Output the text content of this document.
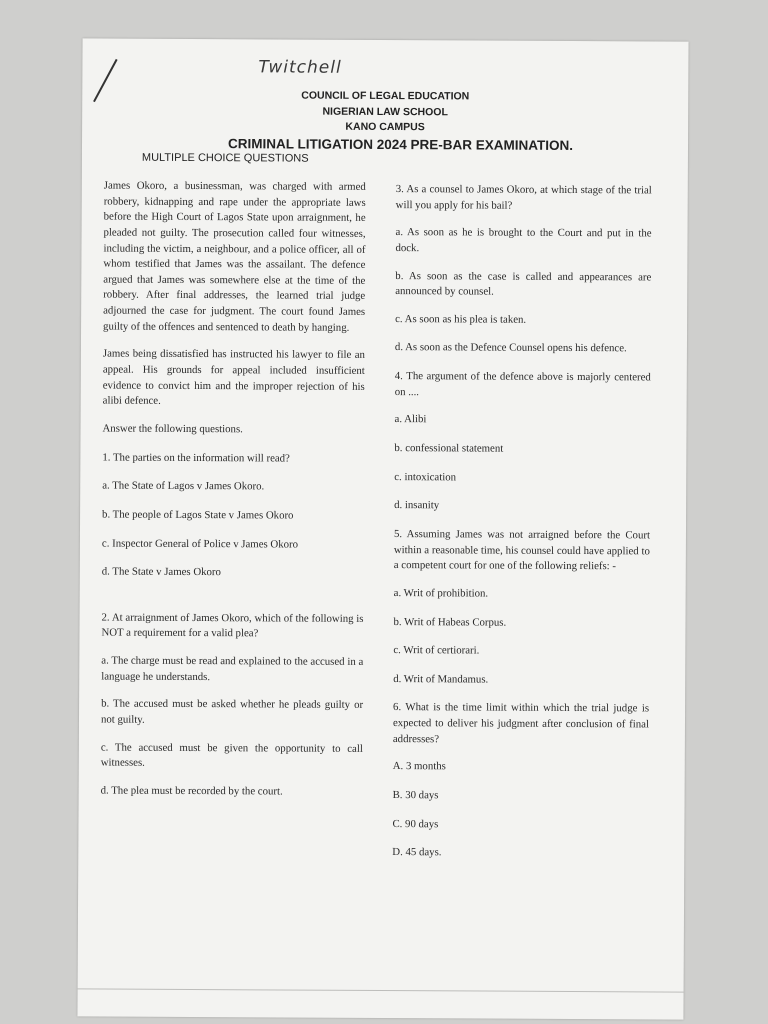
Twitchell
COUNCIL OF LEGAL EDUCATION
NIGERIAN LAW SCHOOL
KANO CAMPUS
CRIMINAL LITIGATION 2024 PRE-BAR EXAMINATION.
MULTIPLE CHOICE QUESTIONS

James Okoro, a businessman, was charged with armed robbery, kidnapping and rape under the appropriate laws before the High Court of Lagos State upon arraignment, he pleaded not guilty. The prosecution called four witnesses, including the victim, a neighbour, and a police officer, all of whom testified that James was the assailant. The defence argued that James was somewhere else at the time of the robbery. After final addresses, the learned trial judge adjourned the case for judgment. The court found James guilty of the offences and sentenced to death by hanging.

James being dissatisfied has instructed his lawyer to file an appeal. His grounds for appeal included insufficient evidence to convict him and the improper rejection of his alibi defence.

Answer the following questions.

1. The parties on the information will read?

a. The State of Lagos v James Okoro.

b. The people of Lagos State v James Okoro

c. Inspector General of Police v James Okoro

d. The State v James Okoro

2. At arraignment of James Okoro, which of the following is NOT a requirement for a valid plea?

a. The charge must be read and explained to the accused in a language he understands.

b. The accused must be asked whether he pleads guilty or not guilty.

c. The accused must be given the opportunity to call witnesses.

d. The plea must be recorded by the court.

3. As a counsel to James Okoro, at which stage of the trial will you apply for his bail?

a. As soon as he is brought to the Court and put in the dock.

b. As soon as the case is called and appearances are announced by counsel.

c. As soon as his plea is taken.

d. As soon as the Defence Counsel opens his defence.

4. The argument of the defence above is majorly centered on ....

a. Alibi

b. confessional statement

c. intoxication

d. insanity

5. Assuming James was not arraigned before the Court within a reasonable time, his counsel could have applied to a competent court for one of the following reliefs: -

a. Writ of prohibition.

b. Writ of Habeas Corpus.

c. Writ of certiorari.

d. Writ of Mandamus.

6. What is the time limit within which the trial judge is expected to deliver his judgment after conclusion of final addresses?

A. 3 months

B. 30 days

C. 90 days

D. 45 days.
